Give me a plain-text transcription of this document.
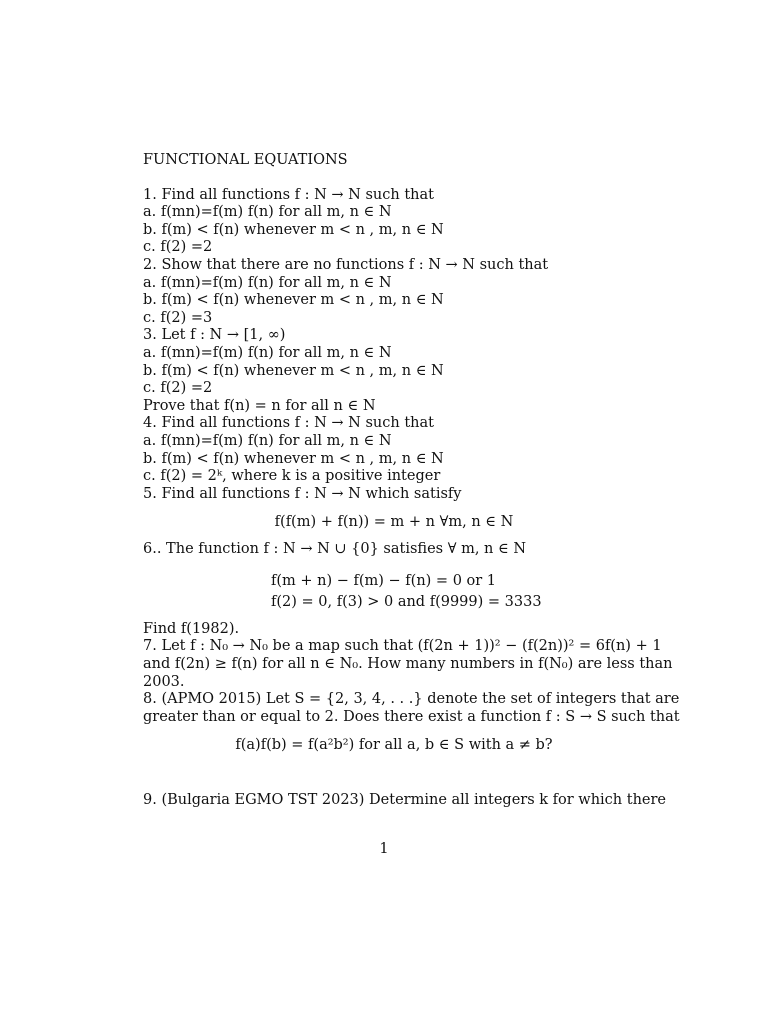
FUNCTIONAL EQUATIONS
1. Find all functions f : N → N such that
a. f(mn)=f(m) f(n) for all m, n ∈ N
b. f(m) < f(n) whenever m < n , m, n ∈ N
c. f(2) =2
2. Show that there are no functions f : N → N such that
a. f(mn)=f(m) f(n) for all m, n ∈ N
b. f(m) < f(n) whenever m < n , m, n ∈ N
c. f(2) =3
3. Let f : N → [1, ∞)
a. f(mn)=f(m) f(n) for all m, n ∈ N
b. f(m) < f(n) whenever m < n , m, n ∈ N
c. f(2) =2
Prove that f(n) = n for all n ∈ N
4. Find all functions f : N → N such that
a. f(mn)=f(m) f(n) for all m, n ∈ N
b. f(m) < f(n) whenever m < n , m, n ∈ N
c. f(2) = 2ᵏ, where k is a positive integer
5. Find all functions f : N → N which satisfy
f(f(m) + f(n)) = m + n ∀m, n ∈ N
6.. The function f : N → N ∪ {0} satisfies ∀ m, n ∈ N
f(m + n) − f(m) − f(n) = 0 or 1
f(2) = 0, f(3) > 0 and f(9999) = 3333
Find f(1982).
7. Let f : N₀ → N₀ be a map such that (f(2n + 1))² − (f(2n))² = 6f(n) + 1
and f(2n) ≥ f(n) for all n ∈ N₀. How many numbers in f(N₀) are less than
2003.
8. (APMO 2015) Let S = {2, 3, 4, . . .} denote the set of integers that are
greater than or equal to 2. Does there exist a function f : S → S such that
f(a)f(b) = f(a²b²) for all a, b ∈ S with a ≠ b?
9. (Bulgaria EGMO TST 2023) Determine all integers k for which there
1
